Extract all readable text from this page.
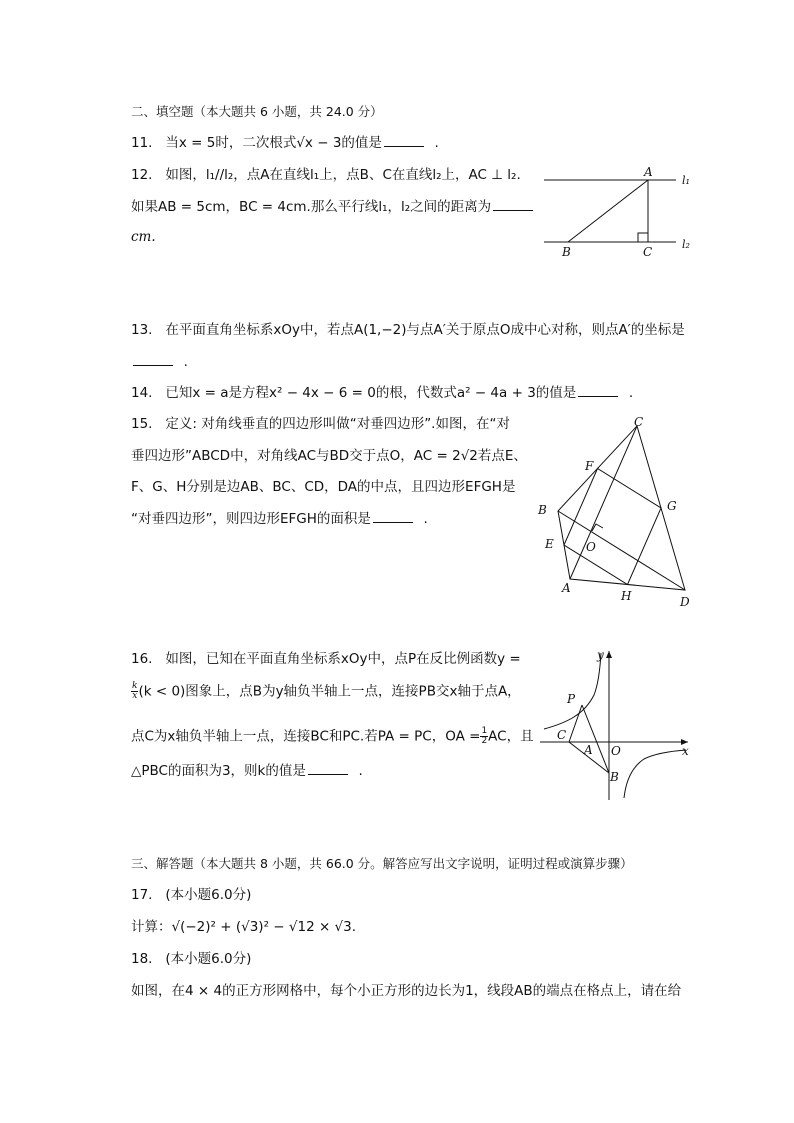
二、填空题（本大题共 6 小题，共 24.0 分）
11. 当x = 5时，二次根式√x − 3的值是	.
12. 如图，l₁//l₂，点A在直线l₁上，点B、C在直线l₂上，AC ⊥ l₂.
如果AB = 5cm，BC = 4cm.那么平行线l₁，l₂之间的距离为
cm.
A
l₁
B	C
l₂
13. 在平面直角坐标系xOy中，若点A(1,−2)与点A′关于原点O成中心对称，则点A′的坐标是
.
14. 已知x = a是方程x² − 4x − 6 = 0的根，代数式a² − 4a + 3的值是	.
15. 定义: 对角线垂直的四边形叫做“对垂四边形”.如图，在“对
垂四边形”ABCD中，对角线AC与BD交于点O，AC = 2√2若点E、
F、G、H分别是边AB、BC、CD，DA的中点，且四边形EFGH是
“对垂四边形”，则四边形EFGH的面积是	.
C
F
G
B
E	O
A
H	D
16. 如图，已知在平面直角坐标系xOy中，点P在反比例函数y =
$\frac{k}{x} (k < 0)$图象上，点B为y轴负半轴上一点，连接PB交x轴于点A，
点C为x轴负半轴上一点，连接BC和PC.若PA = PC，OA = $\frac{1}{2}$ AC，且
△PBC的面积为3，则k的值是	.
y
P
C
A O	x
B
三、解答题（本大题共 8 小题，共 66.0 分。解答应写出文字说明，证明过程或演算步骤）
17. (本小题6.0分)
计算：√(−2)² + (√3)² − √12 × √3.
18. (本小题6.0分)
如图，在4 × 4的正方形网格中，每个小正方形的边长为1，线段AB的端点在格点上，请在给
